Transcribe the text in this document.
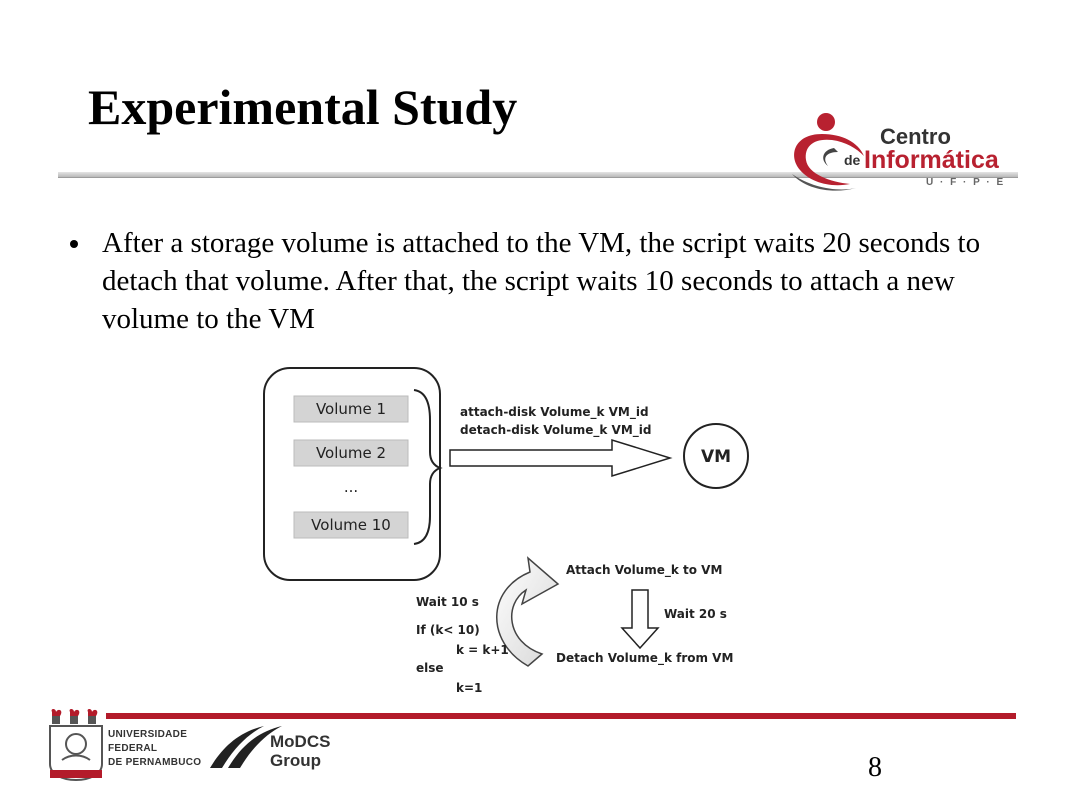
Experimental Study
Centro
de Informática
U · F · P · E
After a storage volume is attached to the VM, the script waits 20 seconds to detach that volume. After that, the script waits 10 seconds to attach a new volume to the VM
Volume 1
Volume 2
...
Volume 10
attach-disk Volume_k VM_id
detach-disk Volume_k VM_id
VM
Attach Volume_k to VM
Wait 20 s
Detach Volume_k from VM
Wait 10 s
If (k< 10)
k = k+1
else
k=1
UNIVERSIDADE
FEDERAL
DE PERNAMBUCO
MoDCS
Group	8
